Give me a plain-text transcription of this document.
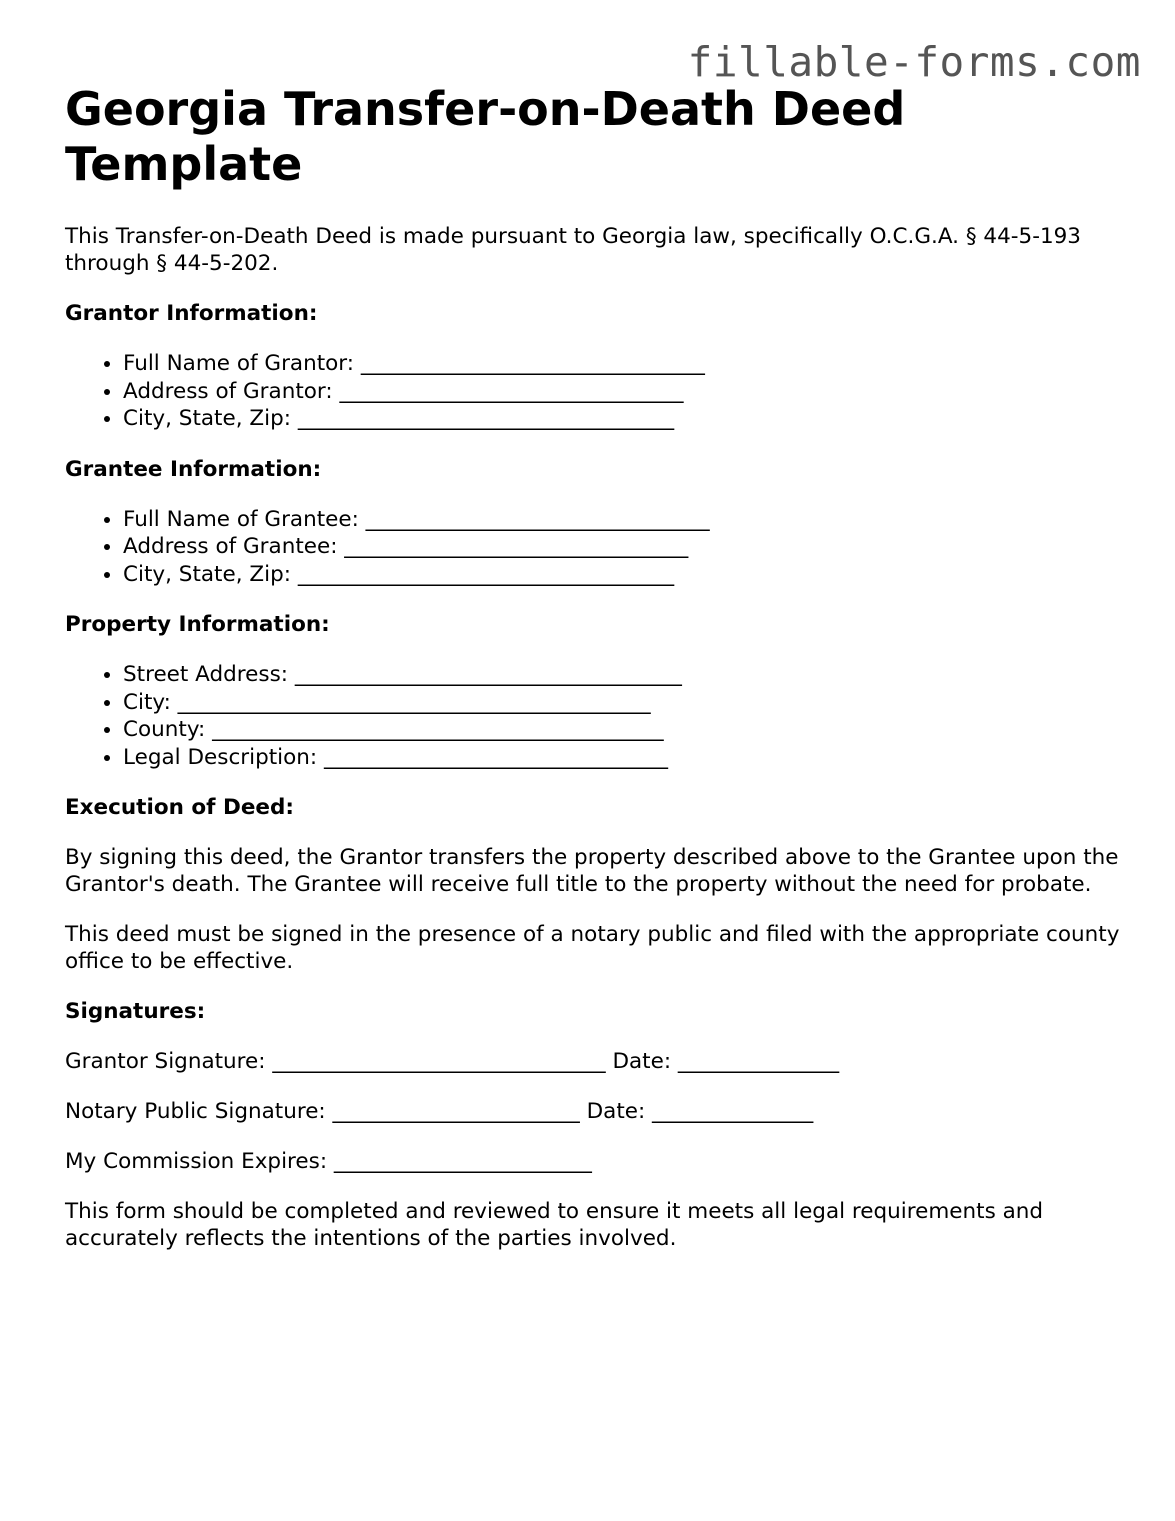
fillable-forms.com
Georgia Transfer-on-Death Deed Template

This Transfer-on-Death Deed is made pursuant to Georgia law, specifically O.C.G.A. § 44-5-193 through § 44-5-202.

Grantor Information:
• Full Name of Grantor: ________________________________
• Address of Grantor: ________________________________
• City, State, Zip: ___________________________________
Grantee Information:
• Full Name of Grantee: ________________________________
• Address of Grantee: ________________________________
• City, State, Zip: ___________________________________
Property Information:
• Street Address: ____________________________________
• City: ____________________________________________
• County: __________________________________________
• Legal Description: ________________________________
Execution of Deed:

By signing this deed, the Grantor transfers the property described above to the Grantee upon the Grantor's death. The Grantee will receive full title to the property without the need for probate.

This deed must be signed in the presence of a notary public and filed with the appropriate county office to be effective.

Signatures:

Grantor Signature: _______________________________ Date: _______________

Notary Public Signature: _______________________ Date: _______________

My Commission Expires: ________________________

This form should be completed and reviewed to ensure it meets all legal requirements and accurately reflects the intentions of the parties involved.
